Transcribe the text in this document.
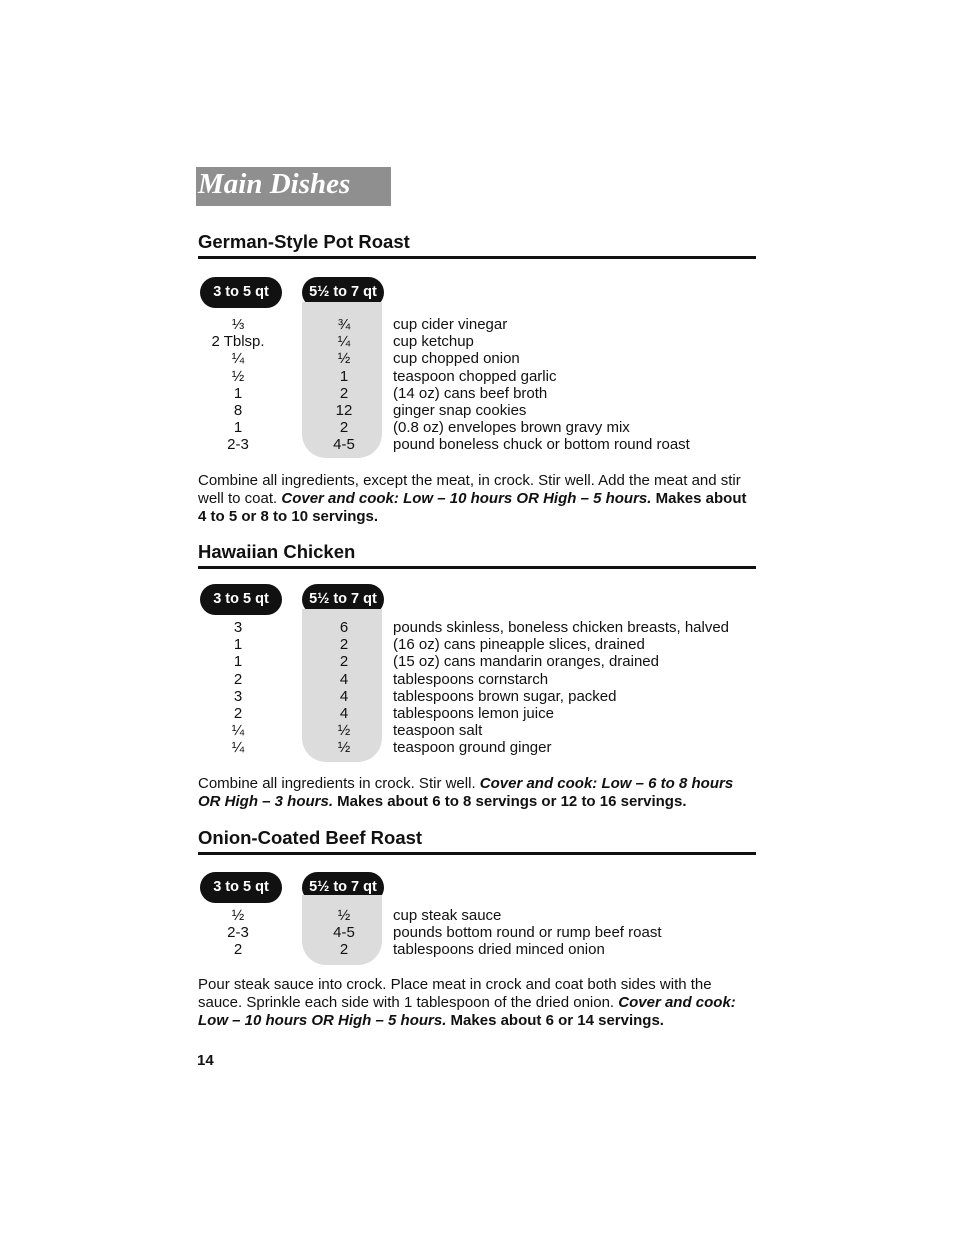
Main Dishes
German-Style Pot Roast
3 to 5 qt	5½ to 7 qt
⅓	¾	cup cider vinegar
2 Tblsp.	¼	cup ketchup
¼	½	cup chopped onion
½	1	teaspoon chopped garlic
1	2	(14 oz) cans beef broth
8	12	ginger snap cookies
1	2	(0.8 oz) envelopes brown gravy mix
2-3	4-5	pound boneless chuck or bottom round roast
Combine all ingredients, except the meat, in crock. Stir well. Add the meat and stir well to coat. Cover and cook: Low – 10 hours OR High – 5 hours. Makes about 4 to 5 or 8 to 10 servings.
Hawaiian Chicken
3 to 5 qt	5½ to 7 qt
3	6	pounds skinless, boneless chicken breasts, halved
1	2	(16 oz) cans pineapple slices, drained
1	2	(15 oz) cans mandarin oranges, drained
2	4	tablespoons cornstarch
3	4	tablespoons brown sugar, packed
2	4	tablespoons lemon juice
¼	½	teaspoon salt
¼	½	teaspoon ground ginger
Combine all ingredients in crock. Stir well. Cover and cook: Low – 6 to 8 hours OR High – 3 hours. Makes about 6 to 8 servings or 12 to 16 servings.
Onion-Coated Beef Roast
3 to 5 qt	5½ to 7 qt
½	½	cup steak sauce
2-3	4-5	pounds bottom round or rump beef roast
2	2	tablespoons dried minced onion
Pour steak sauce into crock. Place meat in crock and coat both sides with the sauce. Sprinkle each side with 1 tablespoon of the dried onion. Cover and cook: Low – 10 hours OR High – 5 hours. Makes about 6 or 14 servings.
14
